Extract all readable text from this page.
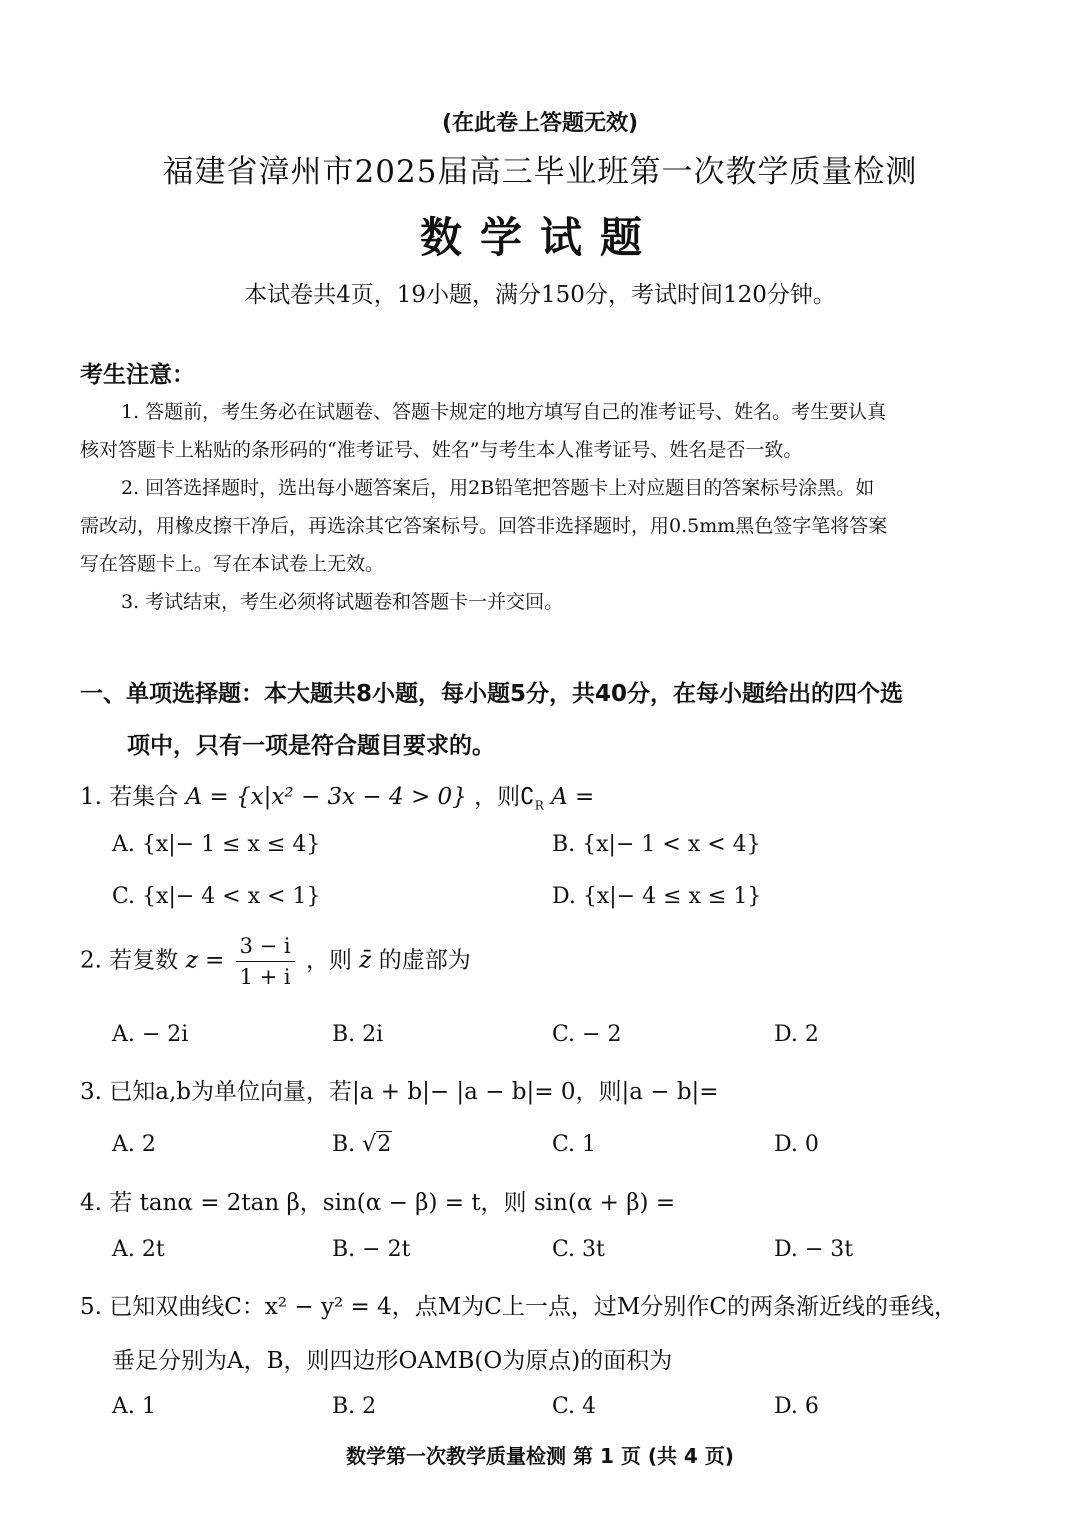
(在此卷上答题无效)
福建省漳州市2025届高三毕业班第一次教学质量检测
数学试题
本试卷共4页，19小题，满分150分，考试时间120分钟。
考生注意：
1. 答题前，考生务必在试题卷、答题卡规定的地方填写自己的准考证号、姓名。考生要认真
核对答题卡上粘贴的条形码的“准考证号、姓名”与考生本人准考证号、姓名是否一致。
2. 回答选择题时，选出每小题答案后，用2B铅笔把答题卡上对应题目的答案标号涂黑。如
需改动，用橡皮擦干净后，再选涂其它答案标号。回答非选择题时，用0.5mm黑色签字笔将答案
写在答题卡上。写在本试卷上无效。
3. 考试结束，考生必须将试题卷和答题卡一并交回。
一、单项选择题：本大题共8小题，每小题5分，共40分，在每小题给出的四个选
项中，只有一项是符合题目要求的。
1. 若集合 A = {x|x² − 3x − 4 > 0} ，则$∁_R$ A =
A. {x|− 1 ≤ x ≤ 4}	B. {x|− 1 < x < 4}
C. {x|− 4 < x < 1}	D. {x|− 4 ≤ x ≤ 1}
2. 若复数 $z = \frac{3 - i}{1 + i}$ ，则 z̄ 的虚部为
A. − 2i	B. 2i	C. − 2	D. 2
3. 已知a,b为单位向量，若|a + b|− |a − b|= 0，则|a − b|=
A. 2	B. √2	C. 1	D. 0
4. 若 tanα = 2tan β，sin(α − β) = t，则 sin(α + β) =
A. 2t	B. − 2t	C. 3t	D. − 3t
5. 已知双曲线C：x² − y² = 4，点M为C上一点，过M分别作C的两条渐近线的垂线，
垂足分别为A，B，则四边形OAMB(O为原点)的面积为
A. 1	B. 2	C. 4	D. 6
数学第一次教学质量检测 第 1 页 (共 4 页)
